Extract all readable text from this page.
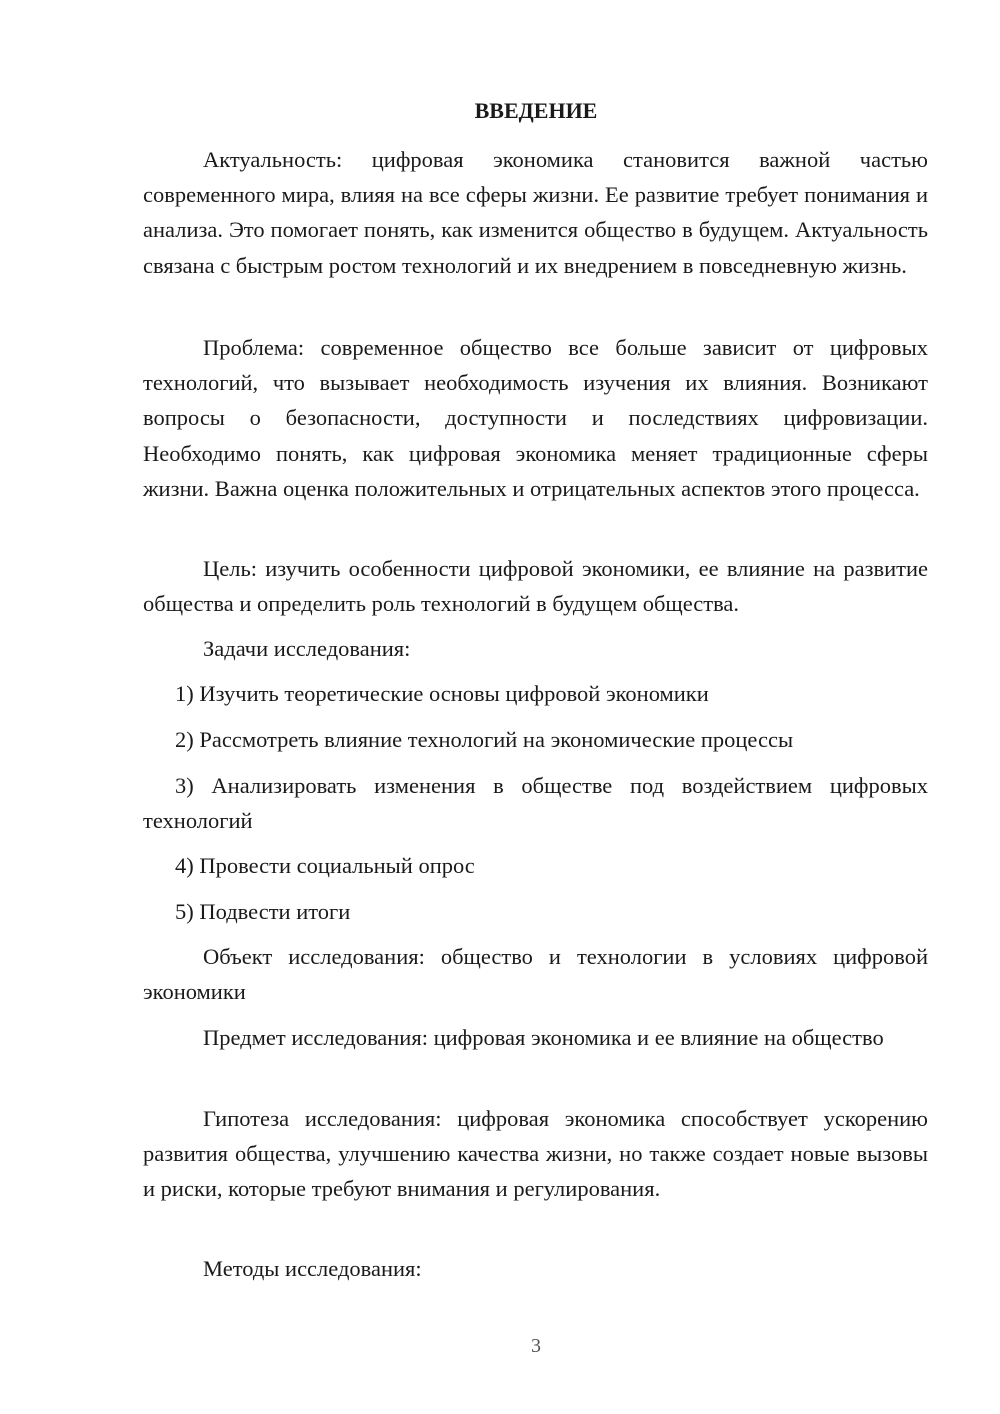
ВВЕДЕНИЕ

Актуальность: цифровая экономика становится важной частью современного мира, влияя на все сферы жизни. Ее развитие требует понимания и анализа. Это помогает понять, как изменится общество в будущем. Актуальность связана с быстрым ростом технологий и их внедрением в повседневную жизнь.

Проблема: современное общество все больше зависит от цифровых технологий, что вызывает необходимость изучения их влияния. Возникают вопросы о безопасности, доступности и последствиях цифровизации. Необходимо понять, как цифровая экономика меняет традиционные сферы жизни. Важна оценка положительных и отрицательных аспектов этого процесса.

Цель: изучить особенности цифровой экономики, ее влияние на развитие общества и определить роль технологий в будущем общества.

Задачи исследования:

1) Изучить теоретические основы цифровой экономики

2) Рассмотреть влияние технологий на экономические процессы

3) Анализировать изменения в обществе под воздействием цифровых технологий

4) Провести социальный опрос

5) Подвести итоги

Объект исследования: общество и технологии в условиях цифровой экономики

Предмет исследования: цифровая экономика и ее влияние на общество

Гипотеза исследования: цифровая экономика способствует ускорению развития общества, улучшению качества жизни, но также создает новые вызовы и риски, которые требуют внимания и регулирования.

Методы исследования:

3
